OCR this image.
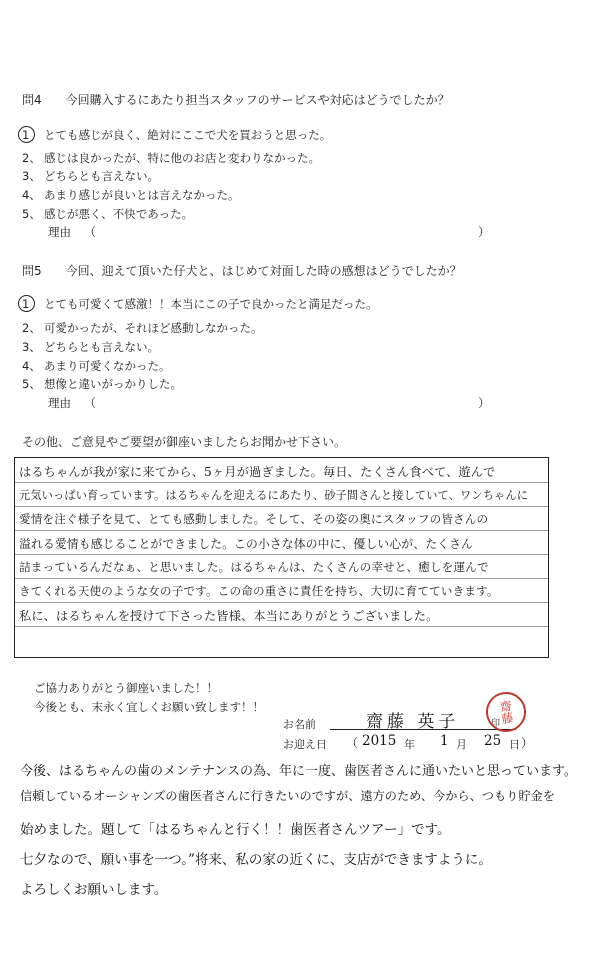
問4　　今回購入するにあたり担当スタッフのサービスや対応はどうでしたか？
1 とても感じが良く、絶対にここで犬を買おうと思った。
2、 感じは良かったが、特に他のお店と変わりなかった。
3、 どちらとも言えない。
4、 あまり感じが良いとは言えなかった。
5、 感じが悪く、不快であった。
理由 （	）
問5　　今回、迎えて頂いた仔犬と、はじめて対面した時の感想はどうでしたか？
1 とても可愛くて感激！！本当にこの子で良かったと満足だった。
2、 可愛かったが、それほど感動しなかった。
3、 どちらとも言えない。
4、 あまり可愛くなかった。
5、 想像と違いがっかりした。
理由 （	）
その他、ご意見やご要望が御座いましたらお聞かせ下さい。
はるちゃんが我が家に来てから、5ヶ月が過ぎました。毎日、たくさん食べて、遊んで
元気いっぱい育っています。はるちゃんを迎えるにあたり、砂子間さんと接していて、ワンちゃんに
愛情を注ぐ様子を見て、とても感動しました。そして、その姿の奥にスタッフの皆さんの
溢れる愛情も感じることができました。この小さな体の中に、優しい心が、たくさん
詰まっているんだなぁ、と思いました。はるちゃんは、たくさんの幸せと、癒しを運んで
きてくれる天使のような女の子です。この命の重さに責任を持ち、大切に育てていきます。
私に、はるちゃんを授けて下さった皆様、本当にありがとうございました。
ご協力ありがとう御座いました！！
今後とも、末永く宜しくお願い致します！！
お名前	齋藤 英子	印
齋藤
お迎え日 （ 2015 年 1 月 25 日 ）
今後、はるちゃんの歯のメンテナンスの為、年に一度、歯医者さんに通いたいと思っています。
信頼しているオーシャンズの歯医者さんに行きたいのですが、遠方のため、今から、つもり貯金を
始めました。題して「はるちゃんと行く！！歯医者さんツアー」です。
七夕なので、願い事を一つ。”将来、私の家の近くに、支店ができますように。
よろしくお願いします。
